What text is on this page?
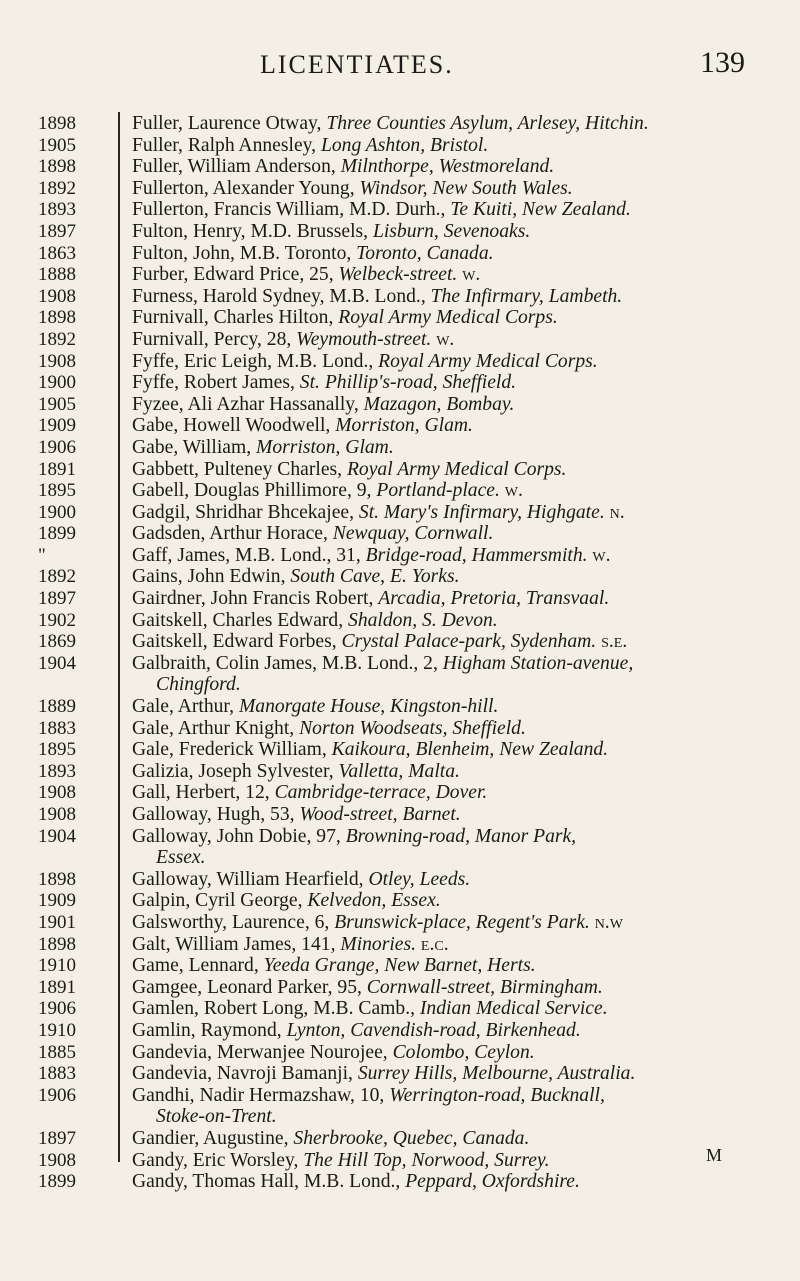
LICENTIATES.	139
1898	Fuller, Laurence Otway, Three Counties Asylum, Arlesey, Hitchin.
1905	Fuller, Ralph Annesley, Long Ashton, Bristol.
1898	Fuller, William Anderson, Milnthorpe, Westmoreland.
1892	Fullerton, Alexander Young, Windsor, New South Wales.
1893	Fullerton, Francis William, M.D. Durh., Te Kuiti, New Zealand.
1897	Fulton, Henry, M.D. Brussels, Lisburn, Sevenoaks.
1863	Fulton, John, M.B. Toronto, Toronto, Canada.
1888	Furber, Edward Price, 25, Welbeck-street. w.
1908	Furness, Harold Sydney, M.B. Lond., The Infirmary, Lambeth.
1898	Furnivall, Charles Hilton, Royal Army Medical Corps.
1892	Furnivall, Percy, 28, Weymouth-street. w.
1908	Fyffe, Eric Leigh, M.B. Lond., Royal Army Medical Corps.
1900	Fyffe, Robert James, St. Phillip's-road, Sheffield.
1905	Fyzee, Ali Azhar Hassanally, Mazagon, Bombay.
1909	Gabe, Howell Woodwell, Morriston, Glam.
1906	Gabe, William, Morriston, Glam.
1891	Gabbett, Pulteney Charles, Royal Army Medical Corps.
1895	Gabell, Douglas Phillimore, 9, Portland-place. w.
1900	Gadgil, Shridhar Bhcekajee, St. Mary's Infirmary, Highgate. n.
1899	Gadsden, Arthur Horace, Newquay, Cornwall.
"	Gaff, James, M.B. Lond., 31, Bridge-road, Hammersmith. w.
1892	Gains, John Edwin, South Cave, E. Yorks.
1897	Gairdner, John Francis Robert, Arcadia, Pretoria, Transvaal.
1902	Gaitskell, Charles Edward, Shaldon, S. Devon.
1869	Gaitskell, Edward Forbes, Crystal Palace-park, Sydenham. s.e.
1904	Galbraith, Colin James, M.B. Lond., 2, Higham Station-avenue,
Chingford.
1889	Gale, Arthur, Manorgate House, Kingston-hill.
1883	Gale, Arthur Knight, Norton Woodseats, Sheffield.
1895	Gale, Frederick William, Kaikoura, Blenheim, New Zealand.
1893	Galizia, Joseph Sylvester, Valletta, Malta.
1908	Gall, Herbert, 12, Cambridge-terrace, Dover.
1908	Galloway, Hugh, 53, Wood-street, Barnet.
1904	Galloway, John Dobie, 97, Browning-road, Manor Park,
Essex.
1898	Galloway, William Hearfield, Otley, Leeds.
1909	Galpin, Cyril George, Kelvedon, Essex.
1901	Galsworthy, Laurence, 6, Brunswick-place, Regent's Park. n.w
1898	Galt, William James, 141, Minories. e.c.
1910	Game, Lennard, Yeeda Grange, New Barnet, Herts.
1891	Gamgee, Leonard Parker, 95, Cornwall-street, Birmingham.
1906	Gamlen, Robert Long, M.B. Camb., Indian Medical Service.
1910	Gamlin, Raymond, Lynton, Cavendish-road, Birkenhead.
1885	Gandevia, Merwanjee Nourojee, Colombo, Ceylon.
1883	Gandevia, Navroji Bamanji, Surrey Hills, Melbourne, Australia.
1906	Gandhi, Nadir Hermazshaw, 10, Werrington-road, Bucknall,
Stoke-on-Trent.
1897	Gandier, Augustine, Sherbrooke, Quebec, Canada.
1908	Gandy, Eric Worsley, The Hill Top, Norwood, Surrey.
1899	Gandy, Thomas Hall, M.B. Lond., Peppard, Oxfordshire.
M
